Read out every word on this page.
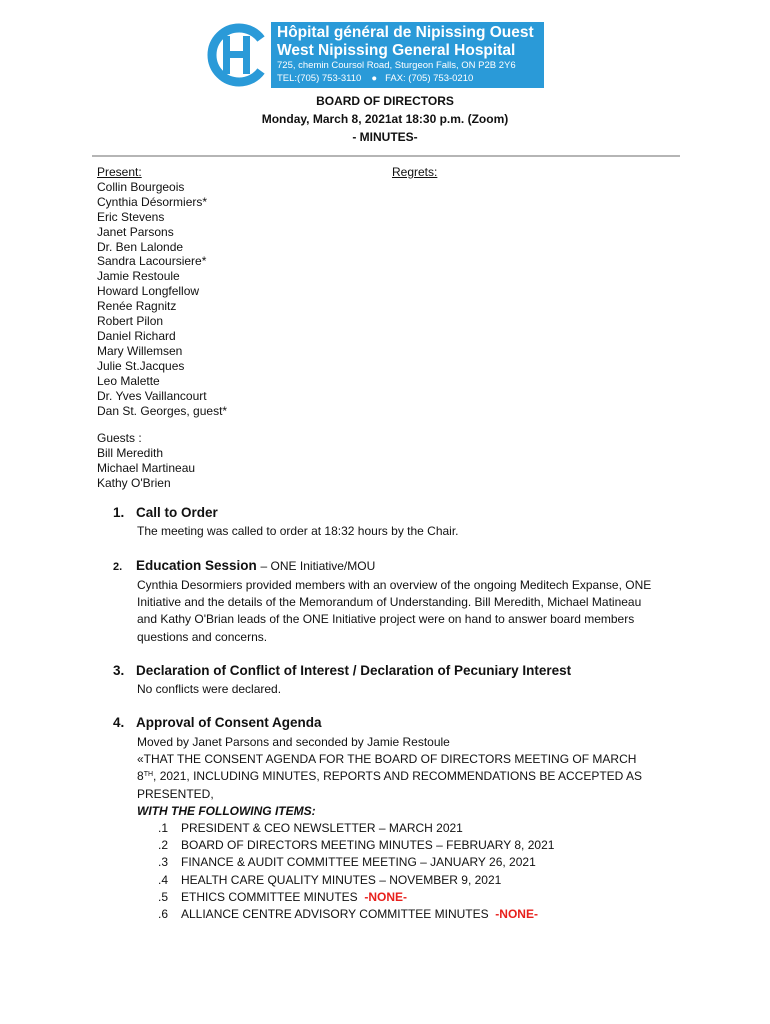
Hôpital général de Nipissing Ouest
West Nipissing General Hospital
725, chemin Coursol Road, Sturgeon Falls, ON P2B 2Y6
TEL:(705) 753-3110 ● FAX: (705) 753-0210
BOARD OF DIRECTORS
Monday, March 8, 2021at 18:30 p.m. (Zoom)
- MINUTES-
Present:
Collin Bourgeois
Cynthia Désormiers*
Eric Stevens
Janet Parsons
Dr. Ben Lalonde
Sandra Lacoursiere*
Jamie Restoule
Howard Longfellow
Renée Ragnitz
Robert Pilon
Daniel Richard
Mary Willemsen
Julie St.Jacques
Leo Malette
Dr. Yves Vaillancourt
Dan St. Georges, guest*
Regrets:
Guests :
Bill Meredith
Michael Martineau
Kathy O'Brien
1. Call to Order

The meeting was called to order at 18:32 hours by the Chair.

2. Education Session – ONE Initiative/MOU

Cynthia Desormiers provided members with an overview of the ongoing Meditech Expanse, ONE

Initiative and the details of the Memorandum of Understanding. Bill Meredith, Michael Matineau

and Kathy O'Brian leads of the ONE Initiative project were on hand to answer board members

questions and concerns.

3. Declaration of Conflict of Interest / Declaration of Pecuniary Interest

No conflicts were declared.

4. Approval of Consent Agenda

Moved by Janet Parsons and seconded by Jamie Restoule

«THAT THE CONSENT AGENDA FOR THE BOARD OF DIRECTORS MEETING OF MARCH

8TH, 2021, INCLUDING MINUTES, REPORTS AND RECOMMENDATIONS BE ACCEPTED AS

PRESENTED,

WITH THE FOLLOWING ITEMS:

.1 PRESIDENT & CEO NEWSLETTER – MARCH 2021
.2 BOARD OF DIRECTORS MEETING MINUTES – FEBRUARY 8, 2021
.3 FINANCE & AUDIT COMMITTEE MEETING – JANUARY 26, 2021
.4 HEALTH CARE QUALITY MINUTES – NOVEMBER 9, 2021
.5 ETHICS COMMITTEE MINUTES -NONE-
.6 ALLIANCE CENTRE ADVISORY COMMITTEE MINUTES -NONE-
